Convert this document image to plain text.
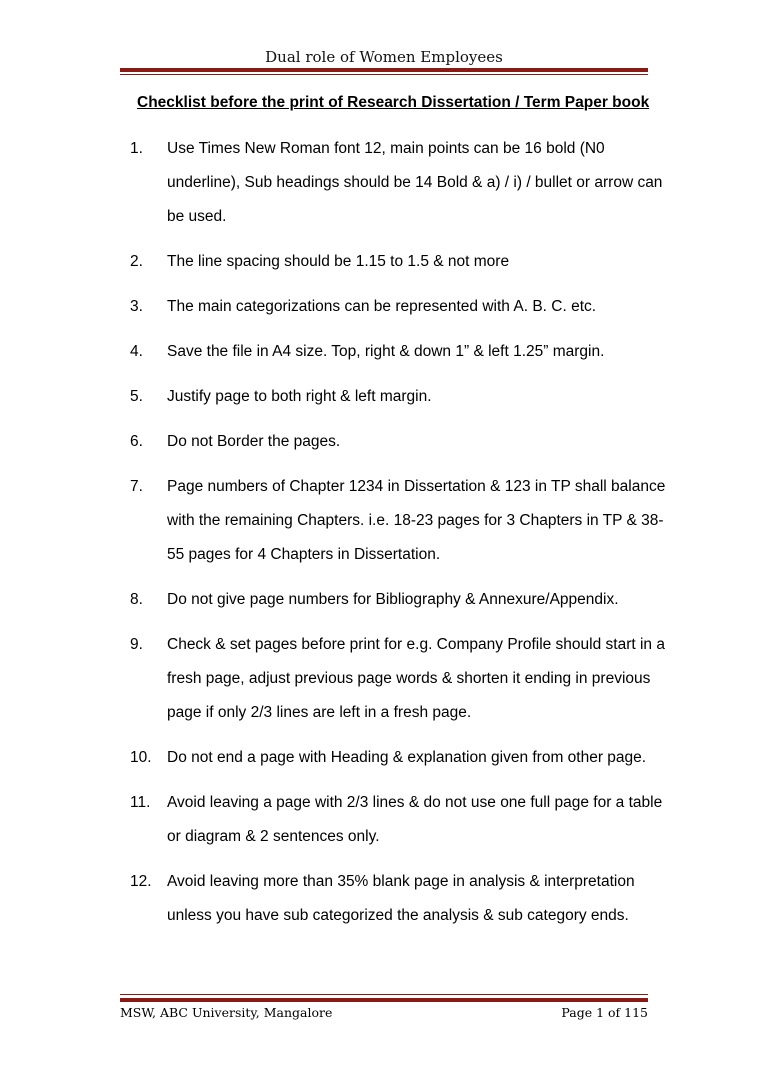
Dual role of Women Employees
Checklist before the print of Research Dissertation / Term Paper book
1.	Use Times New Roman font 12, main points can be 16 bold (N0 underline), Sub headings should be 14 Bold & a) / i) / bullet or arrow can be used.
2.	The line spacing should be 1.15 to 1.5 & not more
3.	The main categorizations can be represented with A. B. C. etc.
4.	Save the file in A4 size. Top, right & down 1” & left 1.25” margin.
5.	Justify page to both right & left margin.
6.	Do not Border the pages.
7.	Page numbers of Chapter 1234 in Dissertation & 123 in TP shall balance with the remaining Chapters. i.e. 18-23 pages for 3 Chapters in TP & 38-55 pages for 4 Chapters in Dissertation.
8.	Do not give page numbers for Bibliography & Annexure/Appendix.
9.	Check & set pages before print for e.g. Company Profile should start in a fresh page, adjust previous page words & shorten it ending in previous page if only 2/3 lines are left in a fresh page.
10. Do not end a page with Heading & explanation given from other page.
11.	Avoid leaving a page with 2/3 lines & do not use one full page for a table or diagram & 2 sentences only.
12. Avoid leaving more than 35% blank page in analysis & interpretation unless you have sub categorized the analysis & sub category ends.
MSW, ABC University, Mangalore	Page 1 of 115
